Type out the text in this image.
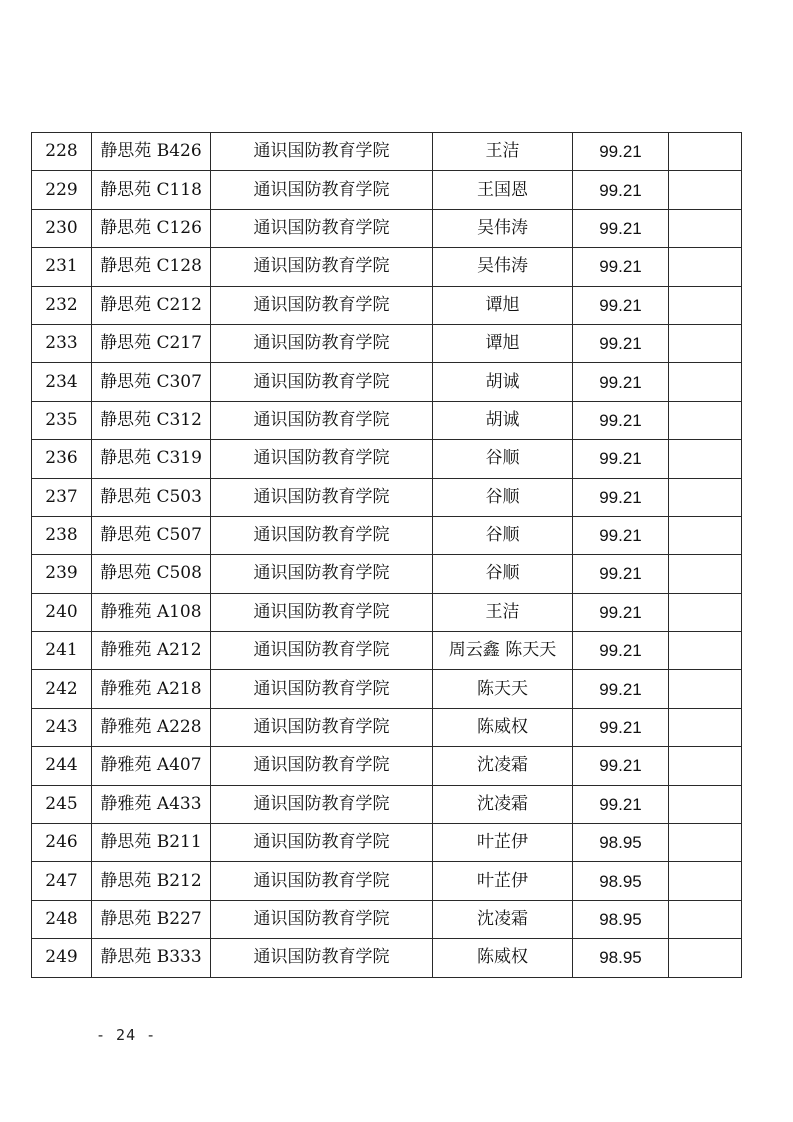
228	静思苑 B426	通识国防教育学院	王洁	99.21	
229	静思苑 C118	通识国防教育学院	王国恩	99.21	
230	静思苑 C126	通识国防教育学院	吴伟涛	99.21	
231	静思苑 C128	通识国防教育学院	吴伟涛	99.21	
232	静思苑 C212	通识国防教育学院	谭旭	99.21	
233	静思苑 C217	通识国防教育学院	谭旭	99.21	
234	静思苑 C307	通识国防教育学院	胡诚	99.21	
235	静思苑 C312	通识国防教育学院	胡诚	99.21	
236	静思苑 C319	通识国防教育学院	谷顺	99.21	
237	静思苑 C503	通识国防教育学院	谷顺	99.21	
238	静思苑 C507	通识国防教育学院	谷顺	99.21	
239	静思苑 C508	通识国防教育学院	谷顺	99.21	
240	静雅苑 A108	通识国防教育学院	王洁	99.21	
241	静雅苑 A212	通识国防教育学院	周云鑫 陈天天	99.21	
242	静雅苑 A218	通识国防教育学院	陈天天	99.21	
243	静雅苑 A228	通识国防教育学院	陈威权	99.21	
244	静雅苑 A407	通识国防教育学院	沈凌霜	99.21	
245	静雅苑 A433	通识国防教育学院	沈凌霜	99.21	
246	静思苑 B211	通识国防教育学院	叶芷伊	98.95	
247	静思苑 B212	通识国防教育学院	叶芷伊	98.95	
248	静思苑 B227	通识国防教育学院	沈凌霜	98.95	
249	静思苑 B333	通识国防教育学院	陈威权	98.95	
- 24 -
